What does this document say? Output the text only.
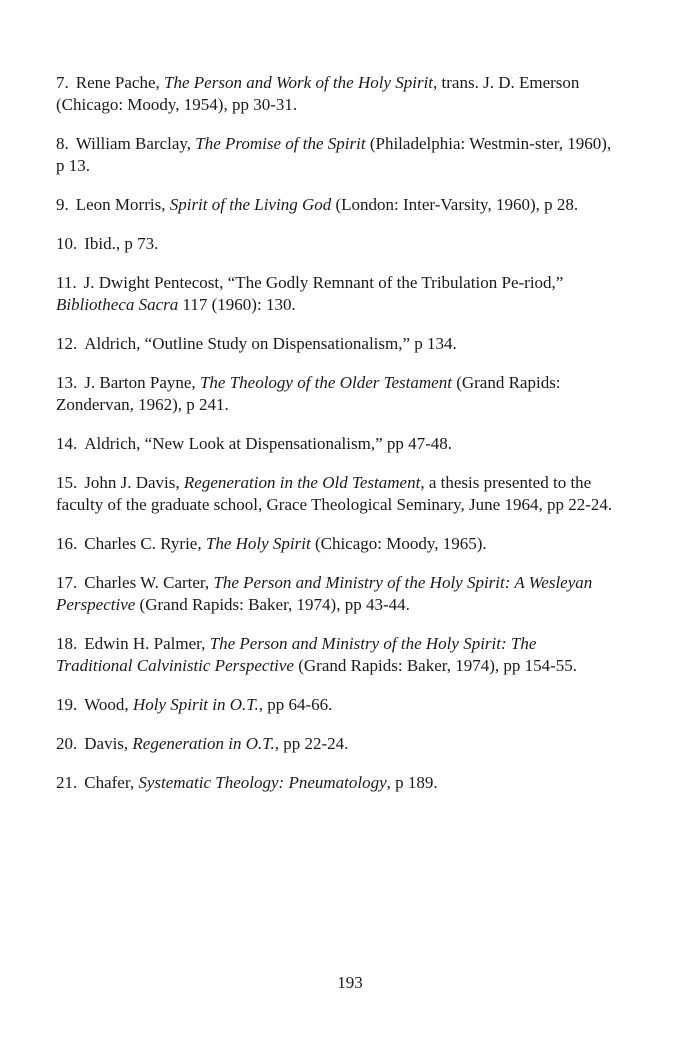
7. Rene Pache, The Person and Work of the Holy Spirit, trans. J. D. Emerson (Chicago: Moody, 1954), pp 30-31.

8. William Barclay, The Promise of the Spirit (Philadelphia: Westmin-ster, 1960), p 13.

9. Leon Morris, Spirit of the Living God (London: Inter-Varsity, 1960), p 28.

10. Ibid., p 73.

11. J. Dwight Pentecost, “The Godly Remnant of the Tribulation Pe-riod,” Bibliotheca Sacra 117 (1960): 130.

12. Aldrich, “Outline Study on Dispensationalism,” p 134.

13. J. Barton Payne, The Theology of the Older Testament (Grand Rapids: Zondervan, 1962), p 241.

14. Aldrich, “New Look at Dispensationalism,” pp 47-48.

15. John J. Davis, Regeneration in the Old Testament, a thesis presented to the faculty of the graduate school, Grace Theological Seminary, June 1964, pp 22-24.

16. Charles C. Ryrie, The Holy Spirit (Chicago: Moody, 1965).

17. Charles W. Carter, The Person and Ministry of the Holy Spirit: A Wesleyan Perspective (Grand Rapids: Baker, 1974), pp 43-44.

18. Edwin H. Palmer, The Person and Ministry of the Holy Spirit: The Traditional Calvinistic Perspective (Grand Rapids: Baker, 1974), pp 154-55.

19. Wood, Holy Spirit in O.T., pp 64-66.

20. Davis, Regeneration in O.T., pp 22-24.

21. Chafer, Systematic Theology: Pneumatology, p 189.

193
